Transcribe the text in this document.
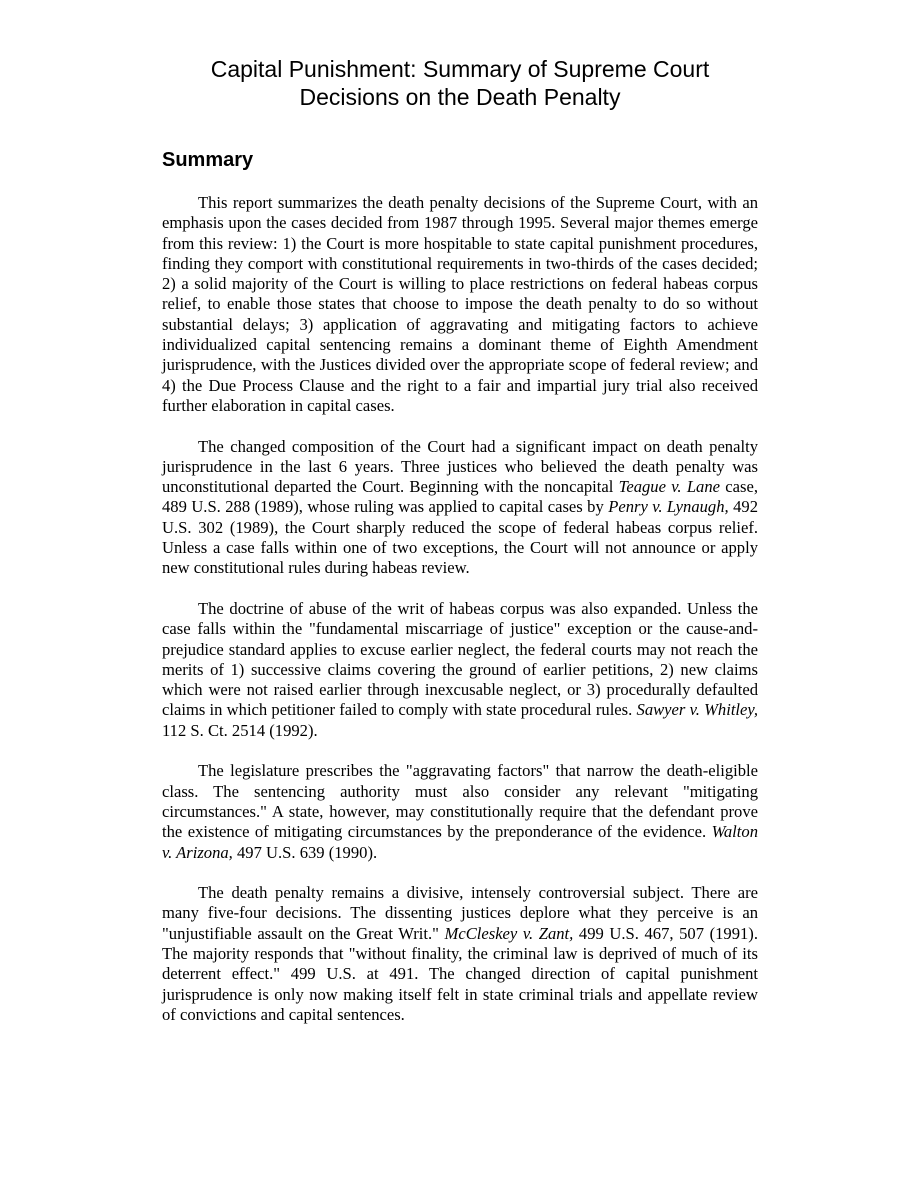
Capital Punishment: Summary of Supreme Court
Decisions on the Death Penalty
Summary

This report summarizes the death penalty decisions of the Supreme Court, with an emphasis upon the cases decided from 1987 through 1995. Several major themes emerge from this review: 1) the Court is more hospitable to state capital punishment procedures, finding they comport with constitutional requirements in two-thirds of the cases decided; 2) a solid majority of the Court is willing to place restrictions on federal habeas corpus relief, to enable those states that choose to impose the death penalty to do so without substantial delays; 3) application of aggravating and mitigating factors to achieve individualized capital sentencing remains a dominant theme of Eighth Amendment jurisprudence, with the Justices divided over the appropriate scope of federal review; and 4) the Due Process Clause and the right to a fair and impartial jury trial also received further elaboration in capital cases.

The changed composition of the Court had a significant impact on death penalty jurisprudence in the last 6 years. Three justices who believed the death penalty was unconstitutional departed the Court. Beginning with the noncapital Teague v. Lane case, 489 U.S. 288 (1989), whose ruling was applied to capital cases by Penry v. Lynaugh, 492 U.S. 302 (1989), the Court sharply reduced the scope of federal habeas corpus relief. Unless a case falls within one of two exceptions, the Court will not announce or apply new constitutional rules during habeas review.

The doctrine of abuse of the writ of habeas corpus was also expanded. Unless the case falls within the "fundamental miscarriage of justice" exception or the cause-and-prejudice standard applies to excuse earlier neglect, the federal courts may not reach the merits of 1) successive claims covering the ground of earlier petitions, 2) new claims which were not raised earlier through inexcusable neglect, or 3) procedurally defaulted claims in which petitioner failed to comply with state procedural rules. Sawyer v. Whitley, 112 S. Ct. 2514 (1992).

The legislature prescribes the "aggravating factors" that narrow the death-eligible class. The sentencing authority must also consider any relevant "mitigating circumstances." A state, however, may constitutionally require that the defendant prove the existence of mitigating circumstances by the preponderance of the evidence. Walton v. Arizona, 497 U.S. 639 (1990).

The death penalty remains a divisive, intensely controversial subject. There are many five-four decisions. The dissenting justices deplore what they perceive is an "unjustifiable assault on the Great Writ." McCleskey v. Zant, 499 U.S. 467, 507 (1991). The majority responds that "without finality, the criminal law is deprived of much of its deterrent effect." 499 U.S. at 491. The changed direction of capital punishment jurisprudence is only now making itself felt in state criminal trials and appellate review of convictions and capital sentences.
